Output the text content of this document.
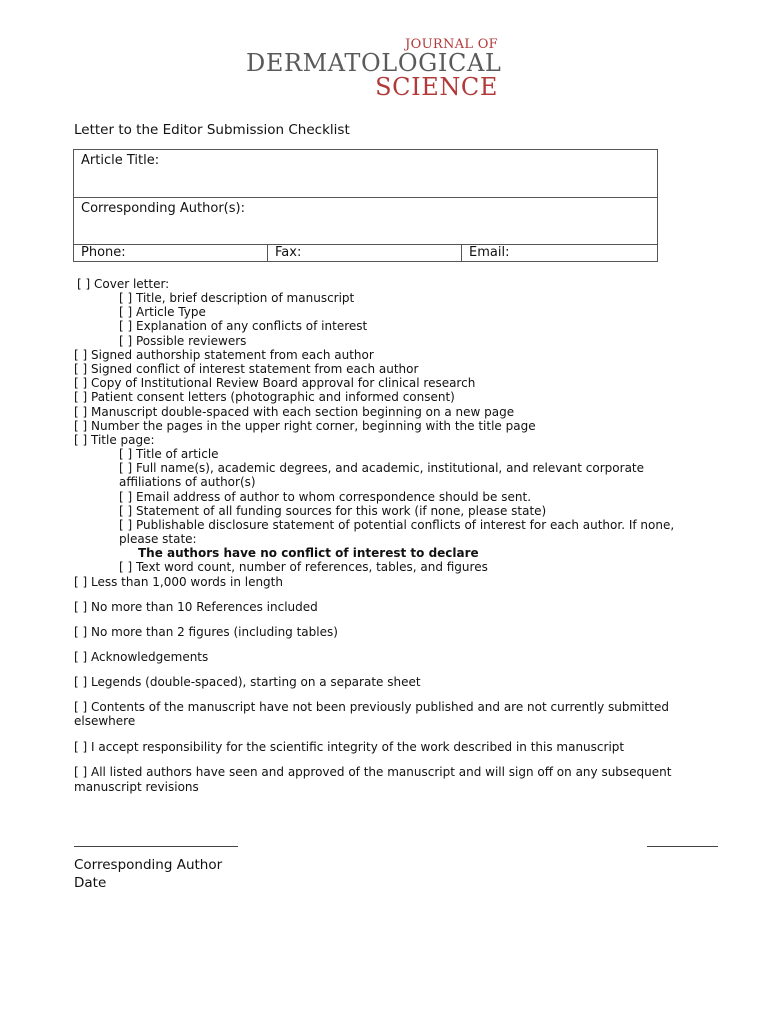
JOURNAL OF
DERMATOLOGICAL
SCIENCE
Letter to the Editor Submission Checklist
Article Title:
Corresponding Author(s):
Phone:	Fax:	Email:
[ ] Cover letter:
[ ] Title, brief description of manuscript
[ ] Article Type
[ ] Explanation of any conflicts of interest
[ ] Possible reviewers
[ ] Signed authorship statement from each author
[ ] Signed conflict of interest statement from each author
[ ] Copy of Institutional Review Board approval for clinical research
[ ] Patient consent letters (photographic and informed consent)
[ ] Manuscript double-spaced with each section beginning on a new page
[ ] Number the pages in the upper right corner, beginning with the title page
[ ] Title page:
[ ] Title of article
[ ] Full name(s), academic degrees, and academic, institutional, and relevant corporate
affiliations of author(s)
[ ] Email address of author to whom correspondence should be sent.
[ ] Statement of all funding sources for this work (if none, please state)
[ ] Publishable disclosure statement of potential conflicts of interest for each author. If none,
please state:
The authors have no conflict of interest to declare
[ ] Text word count, number of references, tables, and figures
[ ] Less than 1,000 words in length
[ ] No more than 10 References included
[ ] No more than 2 figures (including tables)
[ ] Acknowledgements
[ ] Legends (double-spaced), starting on a separate sheet
[ ] Contents of the manuscript have not been previously published and are not currently submitted
elsewhere
[ ] I accept responsibility for the scientific integrity of the work described in this manuscript
[ ] All listed authors have seen and approved of the manuscript and will sign off on any subsequent
manuscript revisions
Corresponding Author
Date
